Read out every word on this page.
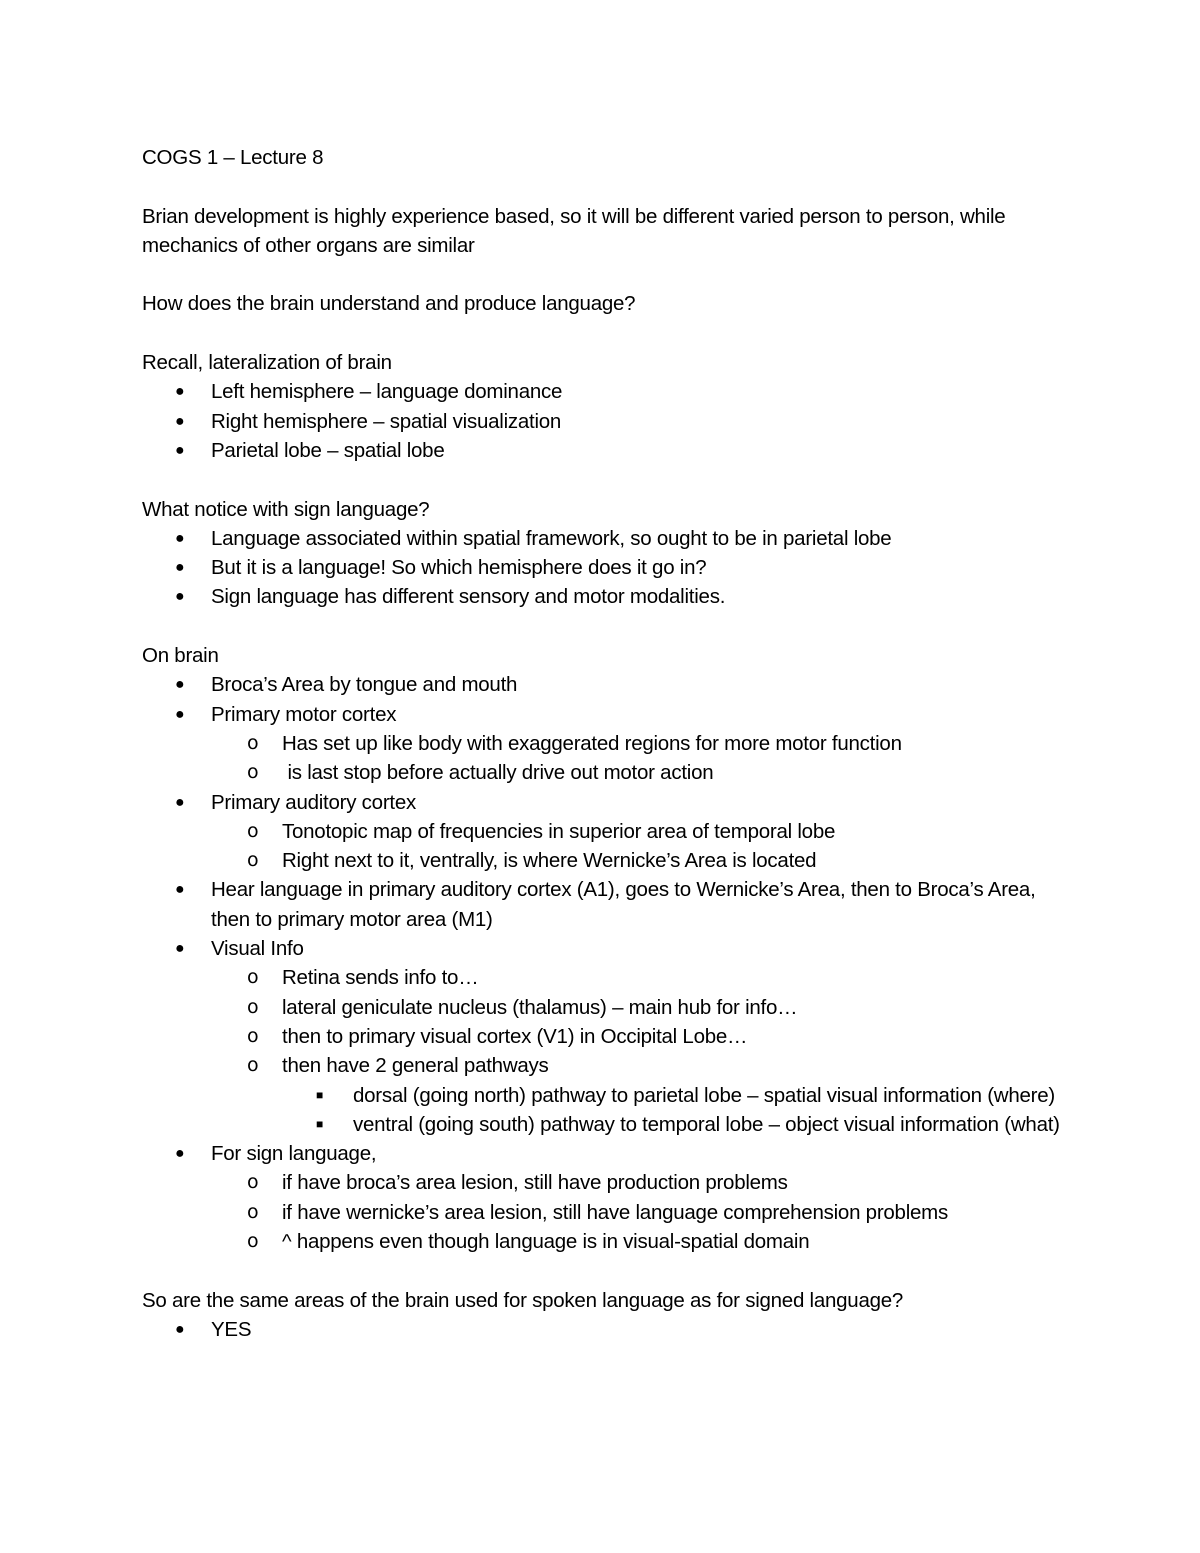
COGS 1 – Lecture 8

Brian development is highly experience based, so it will be different varied person to person, while mechanics of other organs are similar

How does the brain understand and produce language?

Recall, lateralization of brain

● Left hemisphere – language dominance
● Right hemisphere – spatial visualization
● Parietal lobe – spatial lobe

What notice with sign language?

● Language associated within spatial framework, so ought to be in parietal lobe
● But it is a language! So which hemisphere does it go in?
● Sign language has different sensory and motor modalities.

On brain

● Broca’s Area by tongue and mouth
● Primary motor cortex
o Has set up like body with exaggerated regions for more motor function
o is last stop before actually drive out motor action
● Primary auditory cortex
o Tonotopic map of frequencies in superior area of temporal lobe
o Right next to it, ventrally, is where Wernicke’s Area is located
● Hear language in primary auditory cortex (A1), goes to Wernicke’s Area, then to Broca’s Area, then to primary motor area (M1)
● Visual Info
o Retina sends info to…
o lateral geniculate nucleus (thalamus) – main hub for info…
o then to primary visual cortex (V1) in Occipital Lobe…
o then have 2 general pathways
■ dorsal (going north) pathway to parietal lobe – spatial visual information (where)
■ ventral (going south) pathway to temporal lobe – object visual information (what)
● For sign language,
o if have broca’s area lesion, still have production problems
o if have wernicke’s area lesion, still have language comprehension problems
o ^ happens even though language is in visual-spatial domain

So are the same areas of the brain used for spoken language as for signed language?

● YES
